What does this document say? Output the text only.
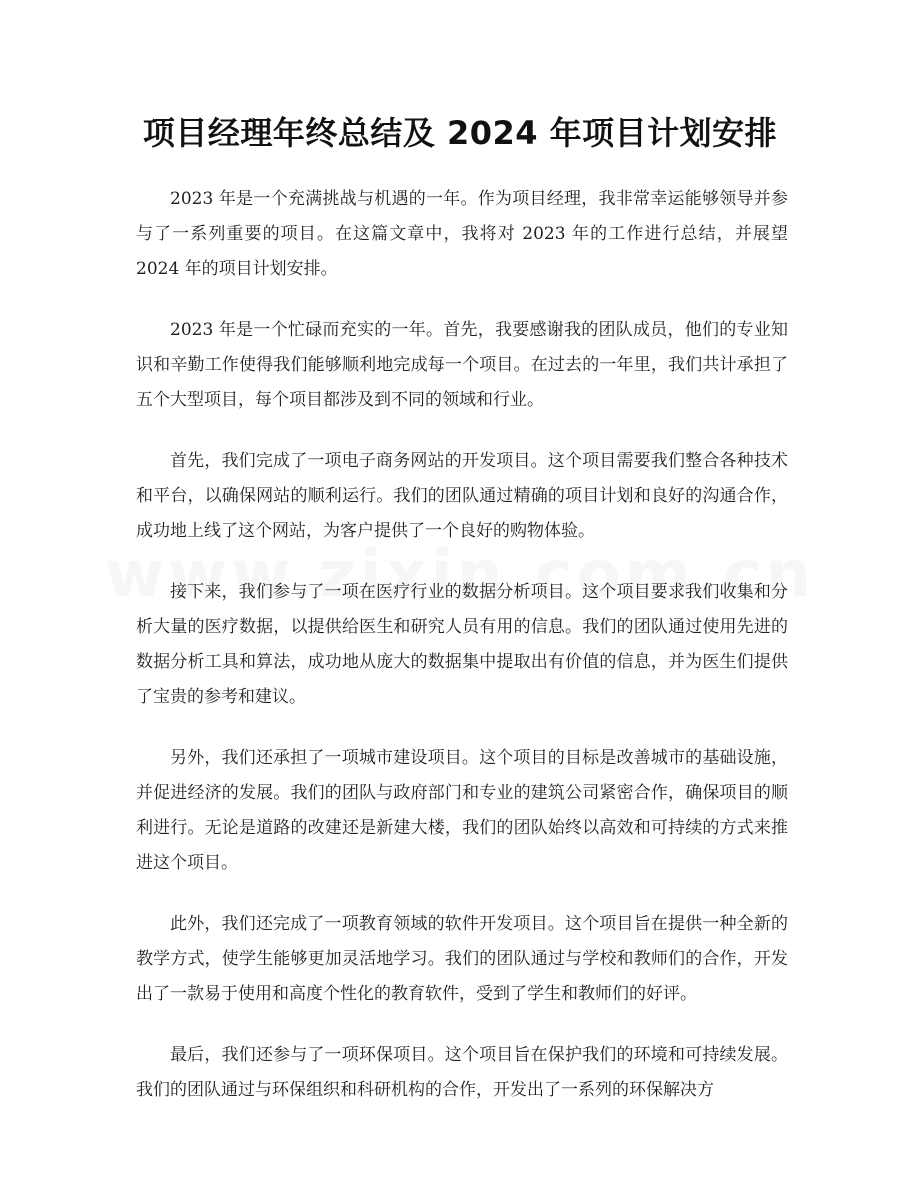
项目经理年终总结及 2024 年项目计划安排

2023 年是一个充满挑战与机遇的一年。作为项目经理，我非常幸运能够领导并参与了一系列重要的项目。在这篇文章中，我将对 2023 年的工作进行总结，并展望 2024 年的项目计划安排。

2023 年是一个忙碌而充实的一年。首先，我要感谢我的团队成员，他们的专业知识和辛勤工作使得我们能够顺利地完成每一个项目。在过去的一年里，我们共计承担了五个大型项目，每个项目都涉及到不同的领域和行业。

首先，我们完成了一项电子商务网站的开发项目。这个项目需要我们整合各种技术和平台，以确保网站的顺利运行。我们的团队通过精确的项目计划和良好的沟通合作，成功地上线了这个网站，为客户提供了一个良好的购物体验。

接下来，我们参与了一项在医疗行业的数据分析项目。这个项目要求我们收集和分析大量的医疗数据，以提供给医生和研究人员有用的信息。我们的团队通过使用先进的数据分析工具和算法，成功地从庞大的数据集中提取出有价值的信息，并为医生们提供了宝贵的参考和建议。

另外，我们还承担了一项城市建设项目。这个项目的目标是改善城市的基础设施，并促进经济的发展。我们的团队与政府部门和专业的建筑公司紧密合作，确保项目的顺利进行。无论是道路的改建还是新建大楼，我们的团队始终以高效和可持续的方式来推进这个项目。

此外，我们还完成了一项教育领域的软件开发项目。这个项目旨在提供一种全新的教学方式，使学生能够更加灵活地学习。我们的团队通过与学校和教师们的合作，开发出了一款易于使用和高度个性化的教育软件，受到了学生和教师们的好评。

最后，我们还参与了一项环保项目。这个项目旨在保护我们的环境和可持续发展。我们的团队通过与环保组织和科研机构的合作，开发出了一系列的环保解决方
